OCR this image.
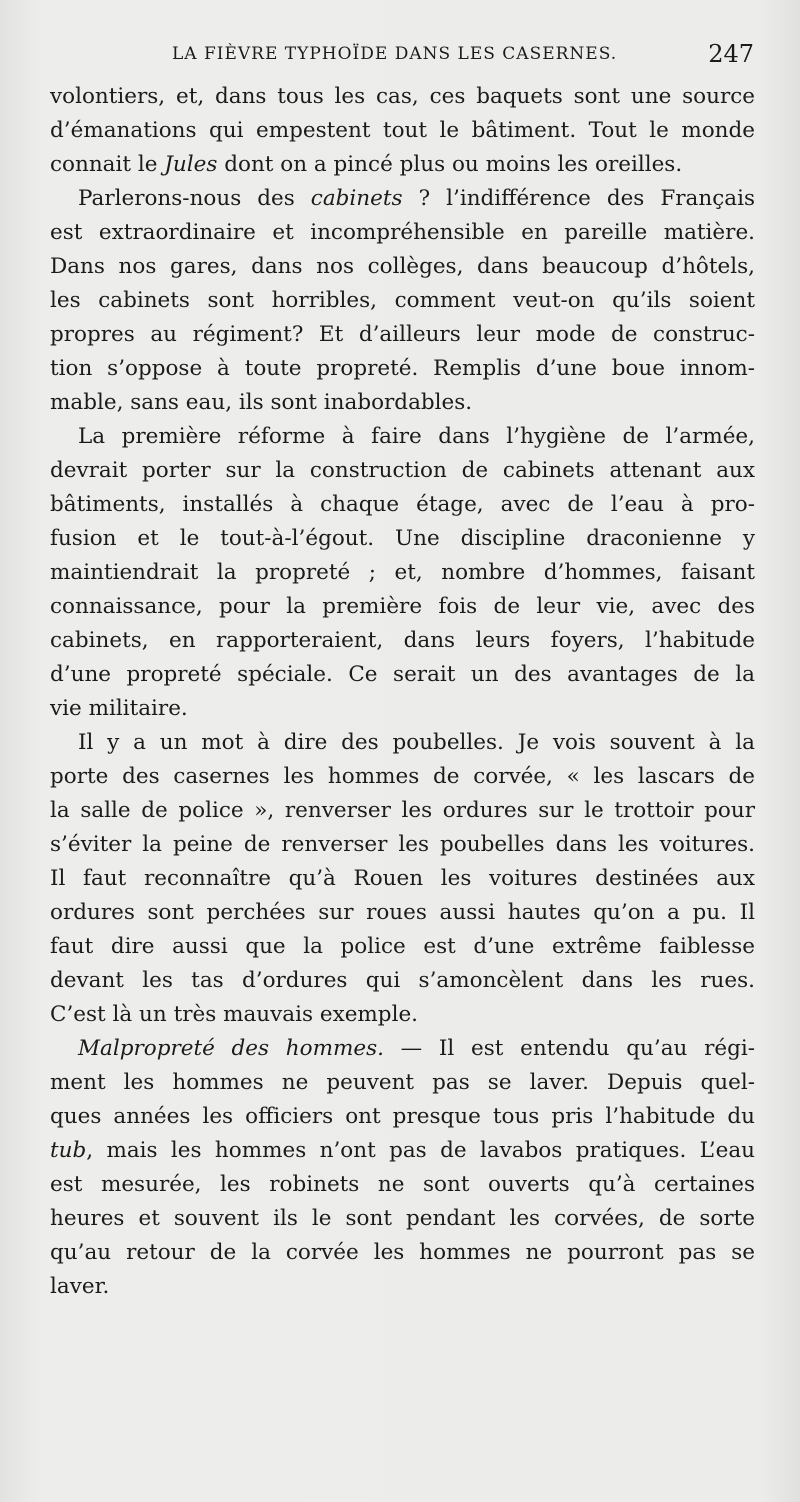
LA FIÈVRE TYPHOÏDE DANS LES CASERNES.	247
volontiers, et, dans tous les cas, ces baquets sont une source
d’émanations qui empestent tout le bâtiment. Tout le monde
connait le Jules dont on a pincé plus ou moins les oreilles.
Parlerons-nous des cabinets ? l’indifférence des Français
est extraordinaire et incompréhensible en pareille matière.
Dans nos gares, dans nos collèges, dans beaucoup d’hôtels,
les cabinets sont horribles, comment veut-on qu’ils soient
propres au régiment? Et d’ailleurs leur mode de construc-
tion s’oppose à toute propreté. Remplis d’une boue innom-
mable, sans eau, ils sont inabordables.
La première réforme à faire dans l’hygiène de l’armée,
devrait porter sur la construction de cabinets attenant aux
bâtiments, installés à chaque étage, avec de l’eau à pro-
fusion et le tout-à-l’égout. Une discipline draconienne y
maintiendrait la propreté ; et, nombre d’hommes, faisant
connaissance, pour la première fois de leur vie, avec des
cabinets, en rapporteraient, dans leurs foyers, l’habitude
d’une propreté spéciale. Ce serait un des avantages de la
vie militaire.
Il y a un mot à dire des poubelles. Je vois souvent à la
porte des casernes les hommes de corvée, « les lascars de
la salle de police », renverser les ordures sur le trottoir pour
s’éviter la peine de renverser les poubelles dans les voitures.
Il faut reconnaître qu’à Rouen les voitures destinées aux
ordures sont perchées sur roues aussi hautes qu’on a pu. Il
faut dire aussi que la police est d’une extrême faiblesse
devant les tas d’ordures qui s’amoncèlent dans les rues.
C’est là un très mauvais exemple.
Malpropreté des hommes. — Il est entendu qu’au régi-
ment les hommes ne peuvent pas se laver. Depuis quel-
ques années les officiers ont presque tous pris l’habitude du
tub, mais les hommes n’ont pas de lavabos pratiques. L’eau
est mesurée, les robinets ne sont ouverts qu’à certaines
heures et souvent ils le sont pendant les corvées, de sorte
qu’au retour de la corvée les hommes ne pourront pas se
laver.
